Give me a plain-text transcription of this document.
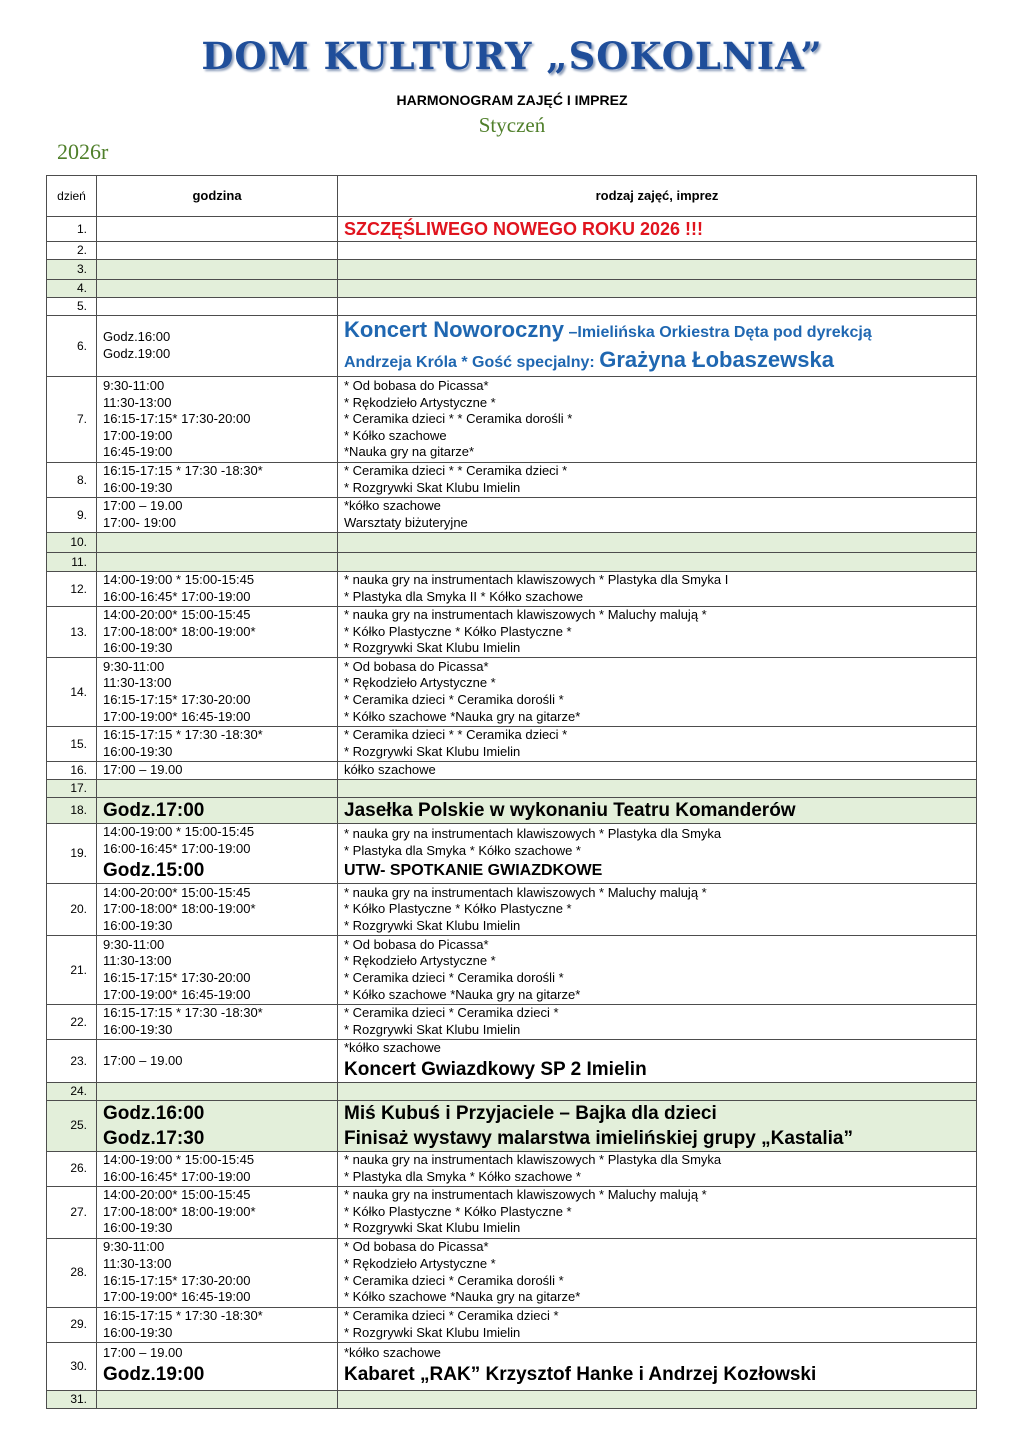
DOM KULTURY „SOKOLNIA”
HARMONOGRAM ZAJĘĆ I IMPREZ
Styczeń
2026r
dzień	godzina	rodzaj zajęć, imprez
1.		SZCZĘŚLIWEGO NOWEGO ROKU 2026 !!!

2.		
3.		
4.		
5.		
6.	Godz.16:00
Godz.19:00	Koncert Noworoczny –Imielińska Orkiestra Dęta pod dyrekcją
Andrzeja Króla * Gość specjalny: Grażyna Łobaszewska

7.	9:30-11:00
11:30-13:00
16:15-17:15* 17:30-20:00
17:00-19:00
16:45-19:00	* Od bobasa do Picassa*
* Rękodzieło Artystyczne *
* Ceramika dzieci * * Ceramika dorośli *
* Kółko szachowe
*Nauka gry na gitarze*

8.	16:15-17:15 * 17:30 -18:30*
16:00-19:30	* Ceramika dzieci * * Ceramika dzieci *
* Rozgrywki Skat Klubu Imielin

9.	17:00 – 19.00
17:00- 19:00	*kółko szachowe
Warsztaty biżuteryjne

10.		
11.		
12.	14:00-19:00 * 15:00-15:45
16:00-16:45* 17:00-19:00	* nauka gry na instrumentach klawiszowych * Plastyka dla Smyka I
* Plastyka dla Smyka II * Kółko szachowe

13.	14:00-20:00* 15:00-15:45
17:00-18:00* 18:00-19:00*
16:00-19:30	* nauka gry na instrumentach klawiszowych * Maluchy malują *
* Kółko Plastyczne * Kółko Plastyczne *
* Rozgrywki Skat Klubu Imielin

14.	9:30-11:00
11:30-13:00
16:15-17:15* 17:30-20:00
17:00-19:00* 16:45-19:00	* Od bobasa do Picassa*
* Rękodzieło Artystyczne *
* Ceramika dzieci * Ceramika dorośli *
* Kółko szachowe *Nauka gry na gitarze*

15.	16:15-17:15 * 17:30 -18:30*
16:00-19:30	* Ceramika dzieci * * Ceramika dzieci *
* Rozgrywki Skat Klubu Imielin

16.	17:00 – 19.00	kółko szachowe

17.		
18.	Godz.17:00	Jasełka Polskie w wykonaniu Teatru Komanderów

19.	14:00-19:00 * 15:00-15:45
16:00-16:45* 17:00-19:00
Godz.15:00	* nauka gry na instrumentach klawiszowych * Plastyka dla Smyka
* Plastyka dla Smyka * Kółko szachowe *
UTW- SPOTKANIE GWIAZDKOWE

20.	14:00-20:00* 15:00-15:45
17:00-18:00* 18:00-19:00*
16:00-19:30	* nauka gry na instrumentach klawiszowych * Maluchy malują *
* Kółko Plastyczne * Kółko Plastyczne *
* Rozgrywki Skat Klubu Imielin

21.	9:30-11:00
11:30-13:00
16:15-17:15* 17:30-20:00
17:00-19:00* 16:45-19:00	* Od bobasa do Picassa*
* Rękodzieło Artystyczne *
* Ceramika dzieci * Ceramika dorośli *
* Kółko szachowe *Nauka gry na gitarze*

22.	16:15-17:15 * 17:30 -18:30*
16:00-19:30	* Ceramika dzieci * Ceramika dzieci *
* Rozgrywki Skat Klubu Imielin

23.	17:00 – 19.00	*kółko szachowe
Koncert Gwiazdkowy SP 2 Imielin

24.		
25.	Godz.16:00
Godz.17:30	Miś Kubuś i Przyjaciele – Bajka dla dzieci
Finisaż wystawy malarstwa imielińskiej grupy „Kastalia”

26.	14:00-19:00 * 15:00-15:45
16:00-16:45* 17:00-19:00	* nauka gry na instrumentach klawiszowych * Plastyka dla Smyka
* Plastyka dla Smyka * Kółko szachowe *

27.	14:00-20:00* 15:00-15:45
17:00-18:00* 18:00-19:00*
16:00-19:30	* nauka gry na instrumentach klawiszowych * Maluchy malują *
* Kółko Plastyczne * Kółko Plastyczne *
* Rozgrywki Skat Klubu Imielin

28.	9:30-11:00
11:30-13:00
16:15-17:15* 17:30-20:00
17:00-19:00* 16:45-19:00	* Od bobasa do Picassa*
* Rękodzieło Artystyczne *
* Ceramika dzieci * Ceramika dorośli *
* Kółko szachowe *Nauka gry na gitarze*

29.	16:15-17:15 * 17:30 -18:30*
16:00-19:30	* Ceramika dzieci * Ceramika dzieci *
* Rozgrywki Skat Klubu Imielin

30.	17:00 – 19.00
Godz.19:00	*kółko szachowe
Kabaret „RAK” Krzysztof Hanke i Andrzej Kozłowski

31.		
